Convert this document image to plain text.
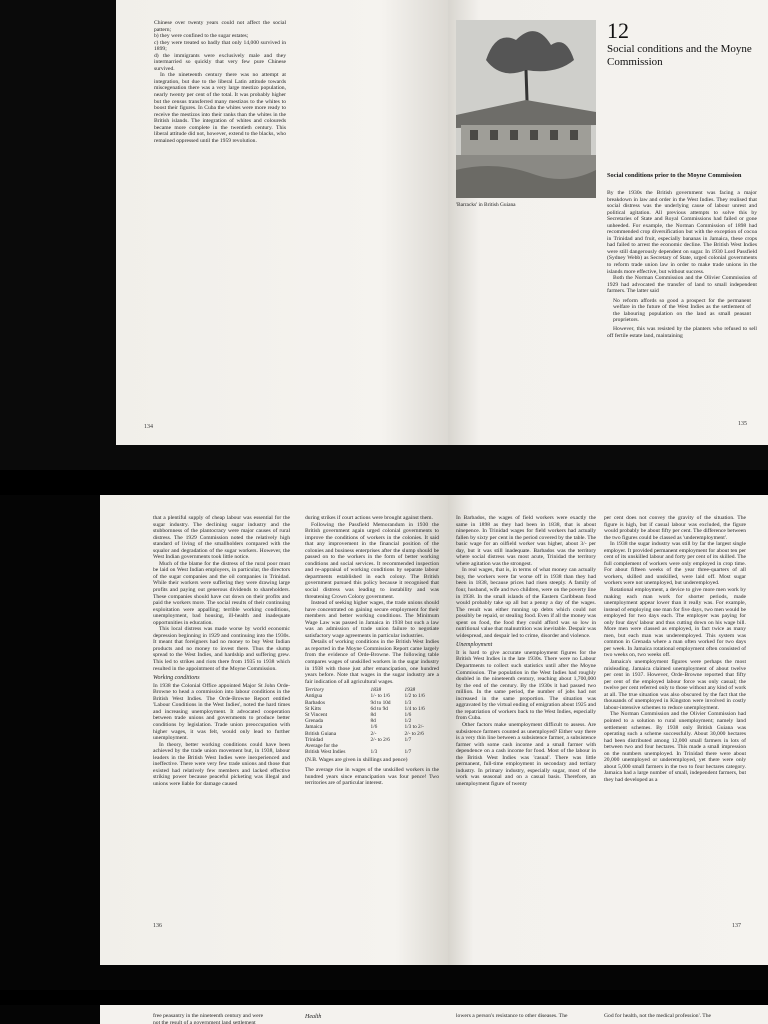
Chinese over twenty years could not affect the social pattern;

b) they were confined to the sugar estates;

c) they were treated so badly that only 14,000 survived in 1899;

d) the immigrants were exclusively male and they intermarried so quickly that very few pure Chinese survived.

In the nineteenth century there was no attempt at integration, but due to the liberal Latin attitude towards miscegenation there was a very large mestizo population, nearly twenty per cent of the total. It was probably higher but the census transferred many mestizos to the whites to boost their figures. In Cuba the whites were more ready to receive the mestizos into their ranks than the whites in the British islands. The integration of whites and coloureds became more complete in the twentieth century. This liberal attitude did not, however, extend to the blacks, who remained oppressed until the 1959 revolution.

134
'Barracks' in British Guiana
12
Social conditions and the Moyne Commission
Social conditions prior to the Moyne Commission

By the 1930s the British government was facing a major breakdown in law and order in the West Indies. They realised that social distress was the underlying cause of labour unrest and political agitation. All previous attempts to solve this by Secretaries of State and Royal Commissions had failed or gone unheeded. For example, the Norman Commission of 1898 had recommended crop diversification but with the exception of cocoa in Trinidad and fruit, especially bananas in Jamaica, these crops had failed to arrest the economic decline. The British West Indies were still dangerously dependent on sugar. In 1930 Lord Passfield (Sydney Webb) as Secretary of State, urged colonial governments to reform trade union law in order to make trade unions in the islands more effective, but without success.

Both the Norman Commission and the Olivier Commission of 1929 had advocated the transfer of land to small independent farmers. The latter said

No reform affords so good a prospect for the permanent welfare in the future of the West Indies as the settlement of the labouring population on the land as small peasant proprietors.

However, this was resisted by the planters who refused to sell off fertile estate land, maintaining

135

that a plentiful supply of cheap labour was essential for the sugar industry. The declining sugar industry and the stubbornness of the plantocracy were major causes of rural distress. The 1929 Commission noted the relatively high standard of living of the smallholders compared with the squalor and degradation of the sugar workers. However, the West Indian governments took little notice.

Much of the blame for the distress of the rural poor must be laid on West Indian employers, in particular, the directors of the sugar companies and the oil companies in Trinidad. While their workers were suffering they were drawing large profits and paying out generous dividends to shareholders. These companies should have cut down on their profits and paid the workers more. The social results of their continuing exploitation were appalling; terrible working conditions, unemployment, bad housing, ill-health and inadequate opportunities in education.

This local distress was made worse by world economic depression beginning in 1929 and continuing into the 1930s. It meant that foreigners had no money to buy West Indian products and no money to invest there. Thus the slump spread to the West Indies, and hardship and suffering grew. This led to strikes and riots there from 1935 to 1938 which resulted in the appointment of the Moyne Commission.

Working conditions

In 1938 the Colonial Office appointed Major St John Orde-Browne to head a commission into labour conditions in the British West Indies. The Orde-Browne Report entitled 'Labour Conditions in the West Indies', noted the hard times and increasing unemployment. It advocated cooperation between trade unions and governments to produce better conditions by legislation. Trade union preoccupation with higher wages, it was felt, would only lead to further unemployment.

In theory, better working conditions could have been achieved by the trade union movement but, in 1938, labour leaders in the British West Indies were inexperienced and ineffective. There were very few trade unions and those that existed had relatively few members and lacked effective striking power because peaceful picketing was illegal and unions were liable for damage caused

during strikes if court actions were brought against them.

Following the Passfield Memorandum in 1930 the British government again urged colonial governments to improve the conditions of workers in the colonies. It said that any improvement in the financial position of the colonies and business enterprises after the slump should be passed on to the workers in the form of better working conditions and social services. It recommended inspection and re-appraisal of working conditions by separate labour departments established in each colony. The British government pursued this policy because it recognised that social distress was leading to instability and was threatening Crown Colony government.

Instead of seeking higher wages, the trade unions should have concentrated on gaining secure employment for their members and better working conditions. The Minimum Wage Law was passed in Jamaica in 1938 but such a law was an admission of trade union failure to negotiate satisfactory wage agreements in particular industries.

Details of working conditions in the British West Indies as reported in the Moyne Commission Report came largely from the evidence of Orde-Browne. The following table compares wages of unskilled workers in the sugar industry in 1938 with those just after emancipation, one hundred years before. Note that wages in the sugar industry are a fair indication of all agricultural wages.

Territory	1838	1938
Antigua	1/- to 1/6	1/2 to 1/6
Barbados	9d to 10d	1/3
St Kitts	6d to 9d	1/4 to 1/6
St Vincent	8d	1/6
Grenada	8d	1/2
Jamaica	1/6	1/3 to 2/-
British Guiana	2/-	2/- to 2/6
Trinidad	2/- to 2/6	1/7
Average for the		
British West Indies	1/3	1/7

(N.B. Wages are given in shillings and pence)

The average rise in wages of the unskilled workers in the hundred years since emancipation was four pence! Two territories are of particular interest.

136

In Barbados, the wages of field workers were exactly the same in 1898 as they had been in 1838, that is about ninepence. In Trinidad wages for field workers had actually fallen by sixty per cent in the period covered by the table. The basic wage for an oilfield worker was higher, about 3/- per day, but it was still inadequate. Barbados was the territory where social distress was most acute, Trinidad the territory where agitation was the strongest.

In real wages, that is, in terms of what money can actually buy, the workers were far worse off in 1938 than they had been in 1838, because prices had risen steeply. A family of four, husband, wife and two children, were on the poverty line in 1938. In the small islands of the Eastern Caribbean food would probably take up all but a penny a day of the wages. The result was either running up debts which could not possibly be repaid, or stealing food. Even if all the money was spent on food, the food they could afford was so low in nutritional value that malnutrition was inevitable. Despair was widespread, and despair led to crime, disorder and violence.

Unemployment

It is hard to give accurate unemployment figures for the British West Indies in the late 1930s. There were no Labour Departments to collect such statistics until after the Moyne Commission. The population in the West Indies had roughly doubled in the nineteenth century, reaching about 1,700,000 by the end of the century. By the 1930s it had passed two million. In the same period, the number of jobs had not increased in the same proportion. The situation was aggravated by the virtual ending of emigration about 1925 and the repatriation of workers back to the West Indies, especially from Cuba.

Other factors make unemployment difficult to assess. Are subsistence farmers counted as unemployed? Either way there is a very thin line between a subsistence farmer, a subsistence farmer with some cash income and a small farmer with dependence on a cash income for food. Most of the labour in the British West Indies was 'casual'. There was little permanent, full-time employment in secondary and tertiary industry. In primary industry, especially sugar, most of the work was seasonal and on a casual basis. Therefore, an unemployment figure of twenty

per cent does not convey the gravity of the situation. The figure is high, but if casual labour was excluded, the figure would probably be about fifty per cent. The difference between the two figures could be classed as 'underemployment'.

In 1938 the sugar industry was still by far the largest single employer. It provided permanent employment for about ten per cent of its unskilled labour and forty per cent of its skilled. The full complement of workers were only employed in crop time. For about fifteen weeks of the year three-quarters of all workers, skilled and unskilled, were laid off. Most sugar workers were not unemployed, but underemployed.

Rotational employment, a device to give more men work by making each man work for shorter periods, made unemployment appear lower than it really was. For example, instead of employing one man for five days, two men would be employed for two days each. The employer was paying for only four days' labour and thus cutting down on his wage bill. More men were classed as employed, in fact twice as many men, but each man was underemployed. This system was common in Grenada where a man often worked for two days per week. In Jamaica rotational employment often consisted of two weeks on, two weeks off.

Jamaica's unemployment figures were perhaps the most misleading. Jamaica claimed unemployment of about twelve per cent in 1937. However, Orde-Browne reported that fifty per cent of the employed labour force was only casual; the twelve per cent referred only to those without any kind of work at all. The true situation was also obscured by the fact that the thousands of unemployed in Kingston were involved in costly labour-intensive schemes to reduce unemployment.

The Norman Commission and the Olivier Commission had pointed to a solution to rural unemployment; namely land settlement schemes. By 1938 only British Guiana was operating such a scheme successfully. About 30,000 hectares had been distributed among 12,000 small farmers in lots of between two and four hectares. This made a small impression on the numbers unemployed. In Trinidad there were about 20,000 unemployed or underemployed, yet there were only about 5,000 small farmers in the two to four hectares category. Jamaica had a large number of small, independent farmers, but they had developed as a

137

free peasantry in the nineteenth century and were

not the result of a government land settlement

Health	lowers a person's resistance to other diseases. The	God for health, not the medical profession'. The
